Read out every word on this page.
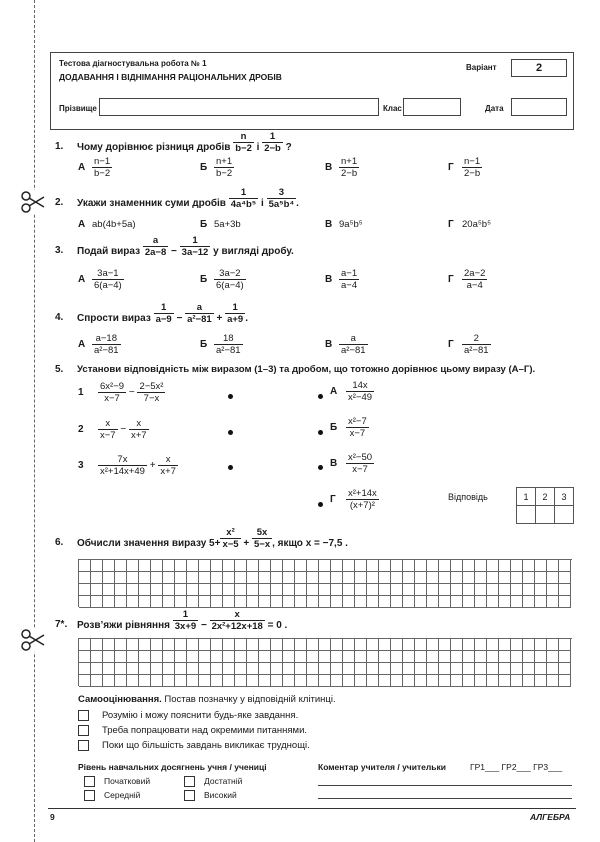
Тестова діагностувальна робота № 1
ДОДАВАННЯ І ВІДНІМАННЯ РАЦІОНАЛЬНИХ ДРОБІВ
Варіант	2
Прізвище	Клас	Дата
1.	Чому дорівнює різниця дробів $\frac{n}{b-2}$ і $\frac{1}{2-b}$ ?
А $\frac{n-1}{b-2}$	Б $\frac{n+1}{b-2}$	В $\frac{n+1}{2-b}$	Г $\frac{n-1}{2-b}$
2.	Укажи знаменник суми дробів $\frac{1}{\text{4a⁴b⁵}}$ і $\frac{3}{\text{5a⁵b⁴}}$ .
А ab(4b+5a)	Б 5a+3b	В 9a⁵b⁵	Г 20a⁵b⁵
3.	Подай вираз $\frac{a}{2a-8} - \frac{1}{3a-12}$ у вигляді дробу.
А $\frac{3a-1}{6(a-4)}$	Б $\frac{3a-2}{6(a-4)}$	В $\frac{a-1}{a-4}$	Г $\frac{2a-2}{a-4}$
4.	Спрости вираз $\frac{1}{a-9} - \frac{a}{\text{a²−81}} + \frac{1}{a+9}$ .
А $\frac{a-18}{\text{a²−81}}$	Б $\frac{18}{\text{a²−81}}$	В $\frac{a}{\text{a²−81}}$	Г $\frac{2}{\text{a²−81}}$
5.	Установи відповідність між виразом (1–3) та дробом, що тотожно дорівнює цьому виразу (А–Г).
$1 \frac{\text{6x²−9}}{x-7} - \frac{\text{2−5x²}}{7-x}$
$2 \frac{x}{x-7} - \frac{x}{x+7}$
$3 \frac{7x}{\text{x²+14x+49}} + \frac{x}{x+7}$
А $\frac{14x}{\text{x²−49}}$
Б $\frac{\text{x²−7}}{x-7}$
В $\frac{\text{x²−50}}{x-7}$
Г $\frac{\text{x²+14x}}{\text{(x+7)²}}$	Відповідь	1	2	3

6.	Обчисли значення виразу $5+ \frac{\text{x²}}{x-5} + \frac{5x}{5-x}$ , якщо x = −7,5 .
7*. Розв’яжи рівняння $\frac{1}{3x+9} - \frac{x}{\text{2x²+12x+18}} = 0$ .
Самооцінювання. Постав позначку у відповідній клітинці.
Розумію і можу пояснити будь-яке завдання.
Треба попрацювати над окремими питаннями.
Поки що більшість завдань викликає труднощі.
Рівень навчальних досягнень учня / учениці
Початковий	Достатній
Середній	Високий
Коментар учителя / учительки	ГР1___ ГР2___ ГР3___
9	АЛГЕБРА
